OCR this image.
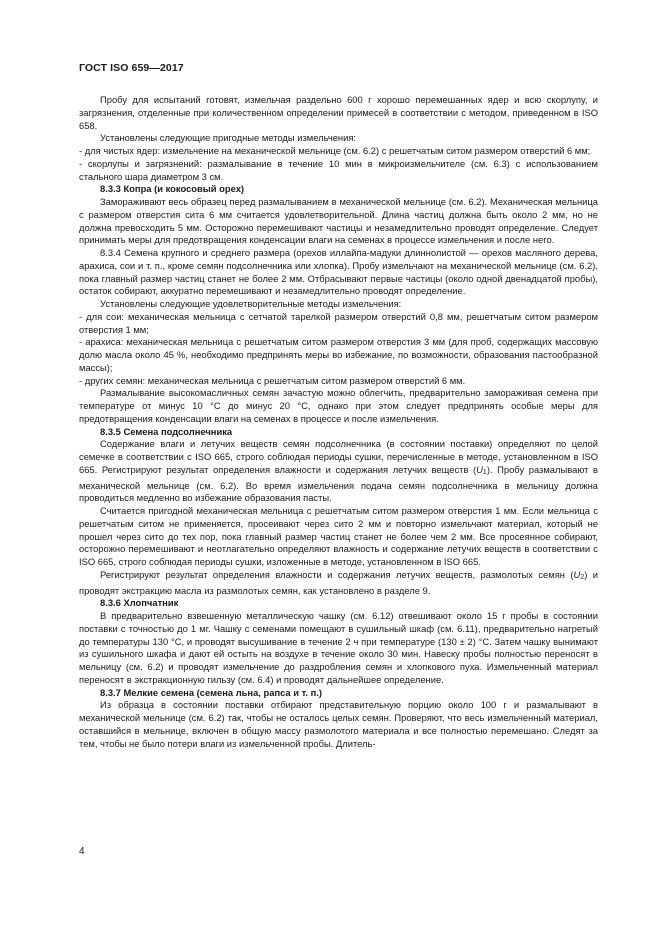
ГОСТ ISO 659—2017

Пробу для испытаний готовят, измельчая раздельно 600 г хорошо перемешанных ядер и всю скорлупу, и загрязнения, отделенные при количественном определении примесей в соответствии с методом, приведенном в ISO 658.

Установлены следующие пригодные методы измельчения:

- для чистых ядер: измельчение на механической мельнице (см. 6.2) с решетчатым ситом размером отверстий 6 мм;

- скорлупы и загрязнений: размалывание в течение 10 мин в микроизмельчителе (см. 6.3) с использованием стального шара диаметром 3 см.

8.3.3 Копра (и кокосовый орех)

Замораживают весь образец перед размалыванием в механической мельнице (см. 6.2). Механическая мельница с размером отверстия сита 6 мм считается удовлетворительной. Длина частиц должна быть около 2 мм, но не должна превосходить 5 мм. Осторожно перемешивают частицы и незамедлительно проводят определение. Следует принимать меры для предотвращения конденсации влаги на семенах в процессе измельчения и после него.

8.3.4 Семена крупного и среднего размера (орехов иллайпа-мадуки длиннолистой — орехов масляного дерева, арахиса, сои и т. п., кроме семян подсолнечника или хлопка). Пробу измельчают на механической мельнице (см. 6.2), пока главный размер частиц станет не более 2 мм. Отбрасывают первые частицы (около одной двенадцатой пробы), остаток собирают, аккуратно перемешивают и незамедлительно проводят определение.

Установлены следующие удовлетворительные методы измельчения:

- для сои: механическая мельница с сетчатой тарелкой размером отверстий 0,8 мм, решетчатым ситом размером отверстия 1 мм;

- арахиса: механическая мельница с решетчатым ситом размером отверстия 3 мм (для проб, содержащих массовую долю масла около 45 %, необходимо предпринять меры во избежание, по возможности, образования пастообразной массы);

- других семян: механическая мельница с решетчатым ситом размером отверстий 6 мм.

Размалывание высокомасличных семян зачастую можно облегчить, предварительно замораживая семена при температуре от минус 10 °С до минус 20 °С, однако при этом следует предпринять особые меры для предотвращения конденсации влаги на семенах в процессе и после измельчения.

8.3.5 Семена подсолнечника

Содержание влаги и летучих веществ семян подсолнечника (в состоянии поставки) определяют по целой семечке в соответствии с ISO 665, строго соблюдая периоды сушки, перечисленные в методе, установленном в ISO 665. Регистрируют результат определения влажности и содержания летучих веществ (U1). Пробу размалывают в механической мельнице (см. 6.2). Во время измельчения подача семян подсолнечника в мельницу должна проводиться медленно во избежание образования пасты.

Считается пригодной механическая мельница с решетчатым ситом размером отверстия 1 мм. Если мельница с решетчатым ситом не применяется, просеивают через сито 2 мм и повторно измельчают материал, который не прошел через сито до тех пор, пока главный размер частиц станет не более чем 2 мм. Все просеянное собирают, осторожно перемешивают и неотлагательно определяют влажность и содержание летучих веществ в соответствии с ISO 665, строго соблюдая периоды сушки, изложенные в методе, установленном в ISO 665.

Регистрируют результат определения влажности и содержания летучих веществ, размолотых семян (U2) и проводят экстракцию масла из размолотых семян, как установлено в разделе 9.

8.3.6 Хлопчатник

В предварительно взвешенную металлическую чашку (см. 6.12) отвешивают около 15 г пробы в состоянии поставки с точностью до 1 мг. Чашку с семенами помещают в сушильный шкаф (см. 6.11), предварительно нагретый до температуры 130 °С, и проводят высушивание в течение 2 ч при температуре (130 ± 2) °С. Затем чашку вынимают из сушильного шкафа и дают ей остыть на воздухе в течение около 30 мин. Навеску пробы полностью переносят в мельницу (см. 6.2) и проводят измельчение до раздробления семян и хлопкового пуха. Измельченный материал переносят в экстракционную гильзу (см. 6.4) и проводят дальнейшее определение.

8.3.7 Мелкие семена (семена льна, рапса и т. п.)

Из образца в состоянии поставки отбирают представительную порцию около 100 г и размалывают в механической мельнице (см. 6.2) так, чтобы не осталось целых семян. Проверяют, что весь измельченный материал, оставшийся в мельнице, включен в общую массу размолотого материала и все полностью перемешано. Следят за тем, чтобы не было потери влаги из измельченной пробы. Длитель-

4
